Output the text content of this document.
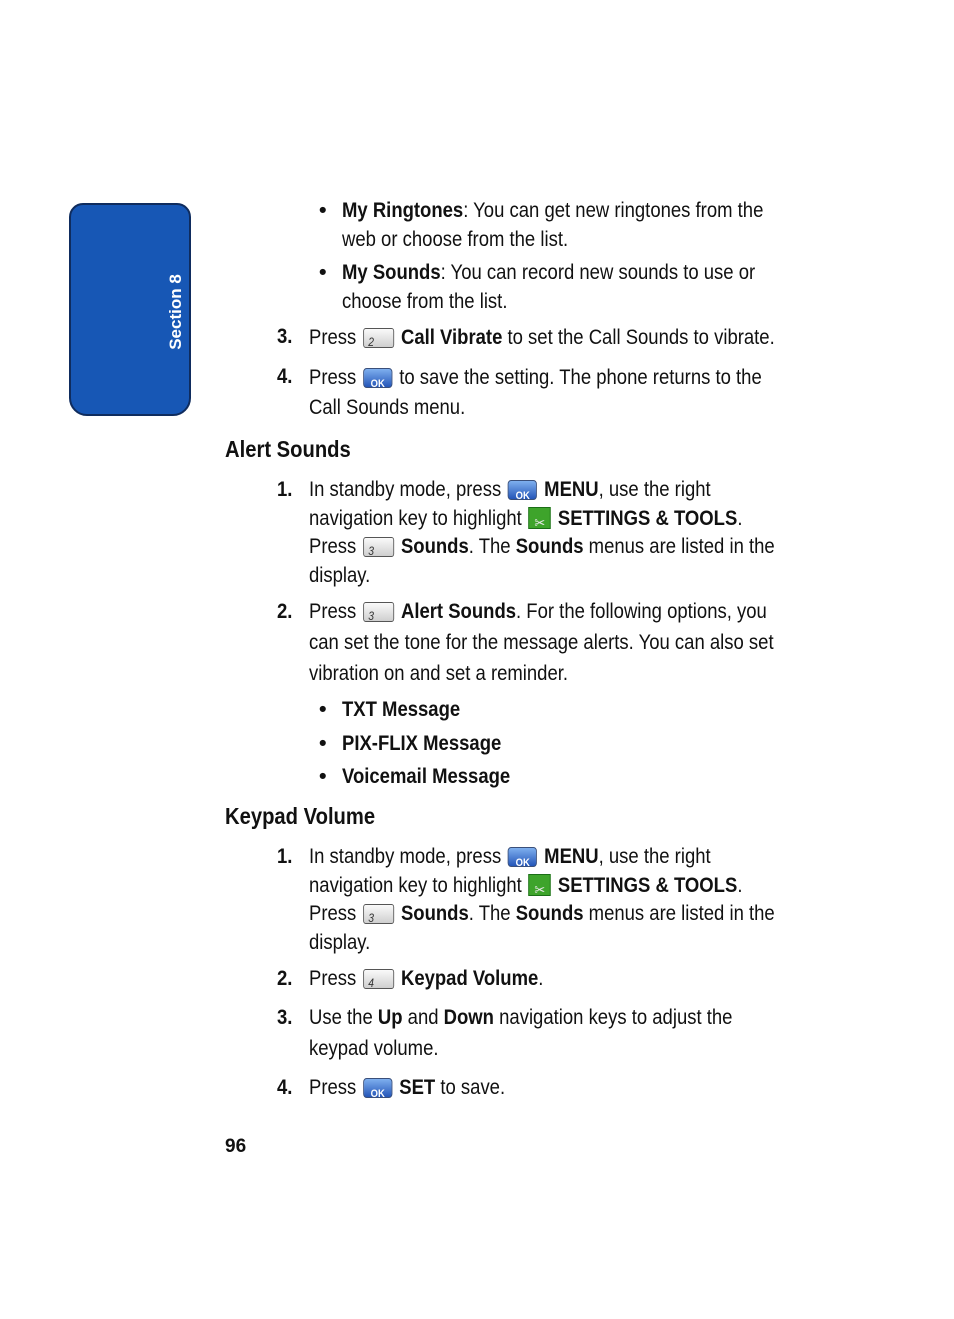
Section 8
• My Ringtones: You can get new ringtones from the
web or choose from the list.
• My Sounds: You can record new sounds to use or
choose from the list.
3. Press 2 Call Vibrate to set the Call Sounds to vibrate.
4. Press	OK to save the setting. The phone returns to the
Call Sounds menu.
Alert Sounds
1. In standby mode, press	OK MENU, use the right
navigation key to highlight ✂ SETTINGS & TOOLS.
Press 3 Sounds. The Sounds menus are listed in the
display.
2. Press 3 Alert Sounds. For the following options, you
can set the tone for the message alerts. You can also set
vibration on and set a reminder.
• TXT Message
• PIX-FLIX Message
• Voicemail Message
Keypad Volume
1. In standby mode, press	OK MENU, use the right
navigation key to highlight ✂ SETTINGS & TOOLS.
Press 3 Sounds. The Sounds menus are listed in the
display.
2. Press 4 Keypad Volume.
3. Use the Up and Down navigation keys to adjust the
keypad volume.
4. Press	OK SET to save.
96
